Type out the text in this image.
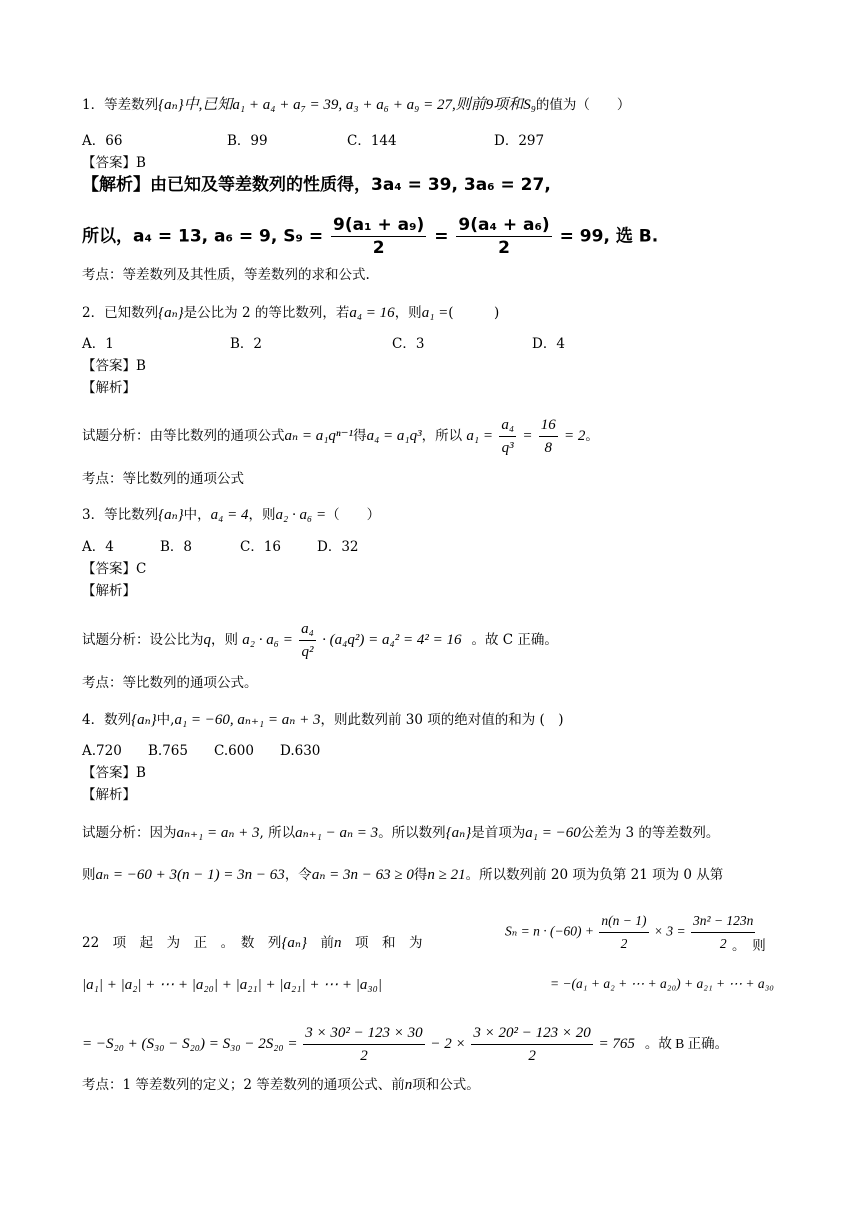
1．等差数列{aₙ}中,已知a₁ + a₄ + a₇ = 39, a₃ + a₆ + a₉ = 27,则前9项和S₉的值为（　　）
A．66	B．99	C．144	D．297
【答案】B
【解析】由已知及等差数列的性质得，3a₄ = 39, 3a₆ = 27,
所以，a₄ = 13, a₆ = 9, $S_9 = \frac{\text{9(a₁ + a₉)}}{2} = \frac{\text{9(a₄ + a₆)}}{2} = 99$, 选 B.
考点：等差数列及其性质，等差数列的求和公式.
2．已知数列{aₙ}是公比为 2 的等比数列，若a₄ = 16，则a₁ =(　　　)
A．1	B．2	C．3	D．4
【答案】B
【解析】
试题分析：由等比数列的通项公式aₙ = a₁qⁿ⁻¹得a₄ = a₁q³，所以 $a_1 = \frac{\text{a₄}}{\text{q³}} = \frac{16}{8} = 2$。
考点：等比数列的通项公式
3．等比数列{aₙ}中，a₄ = 4，则a₂ · a₆ =（　　）
A．4	B．8	C．16	D．32
【答案】C
【解析】
试题分析：设公比为q，则 $a_2 \cdot a_6 = \frac{\text{a₄}}{\text{q²}} \cdot (a_4q^2) = a_4^2 = 4^2 = 16$ 。故 C 正确。
考点：等比数列的通项公式。
4．数列{aₙ}中,a₁ = −60, aₙ₊₁ = aₙ + 3，则此数列前 30 项的绝对值的和为 (　)
A.720 B.765 C.600 D.630
【答案】B
【解析】
试题分析：因为aₙ₊₁ = aₙ + 3, 所以aₙ₊₁ − aₙ = 3。所以数列{aₙ}是首项为a₁ = −60公差为 3 的等差数列。
则aₙ = −60 + 3(n − 1) = 3n − 63，令aₙ = 3n − 63 ≥ 0得n ≥ 21。所以数列前 20 项为负第 21 项为 0 从第
22　项　起　为　正　。　数　列{aₙ}　前n　项　和　为
$S_n = n \cdot (-60) + \frac{n(n - 1)}{2} \times 3 = \frac{\text{3n² − 123n}}{2}$
。　则
|a₁| + |a₂| + ⋯ + |a₂₀| + |a₂₁| + |a₂₁| + ⋯ + |a₃₀|	= −(a₁ + a₂ + ⋯ + a₂₀) + a₂₁ + ⋯ + a₃₀
= $-S_{20} + (S_{30} - S_{20}) = S_{30} - 2S_{20} = \frac{\text{3 × 30² − 123 × 30}}{2} - 2 \times \frac{\text{3 × 20² − 123 × 20}}{2} = 765$ 。故 B 正确。
考点：1 等差数列的定义；2 等差数列的通项公式、前n项和公式。
